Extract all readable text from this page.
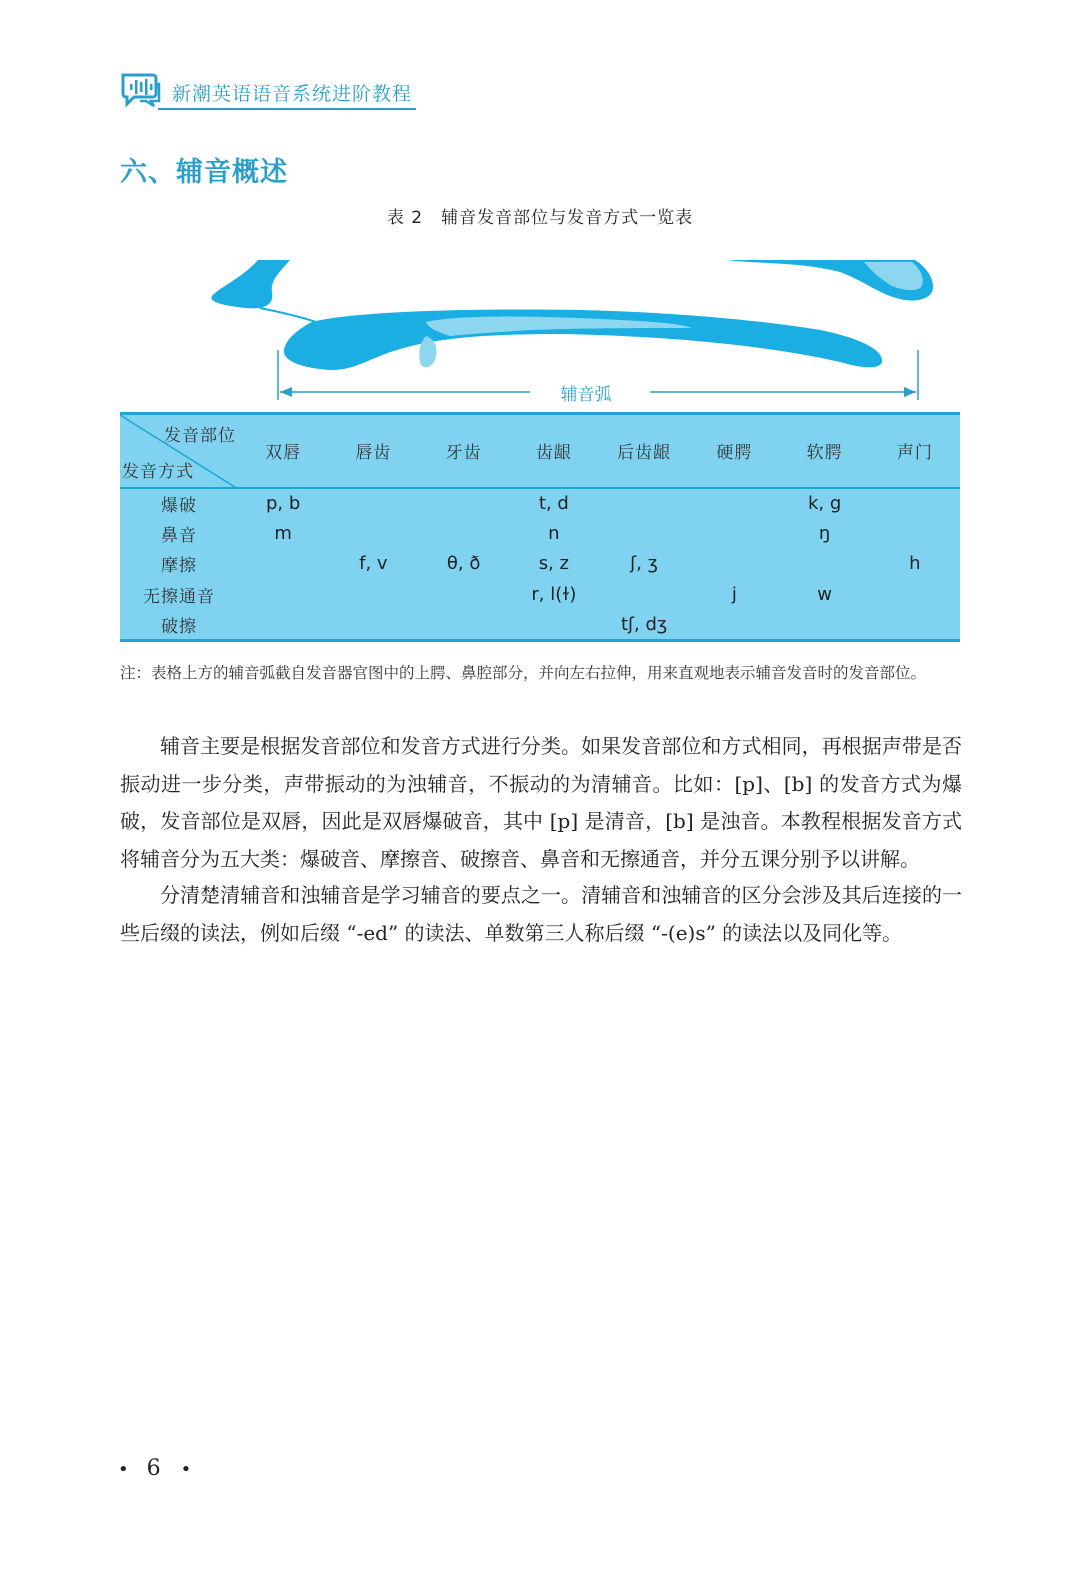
新潮英语语音系统进阶教程
六、辅音概述
表 2　辅音发音部位与发音方式一览表
辅音弧
发音部位
发音方式	双唇	唇齿	牙齿	齿龈	后齿龈	硬腭	软腭	声门
爆破	p, b			t, d			k, g	
鼻音	m			n			ŋ	
摩擦		f, v	θ, ð	s, z	ʃ, ʒ			h
无擦通音				r, l(ɫ)		j	w	
破擦					tʃ, dʒ			
注：表格上方的辅音弧截自发音器官图中的上腭、鼻腔部分，并向左右拉伸，用来直观地表示辅音发音时的发音部位。

辅音主要是根据发音部位和发音方式进行分类。如果发音部位和方式相同，再根据声带是否振动进一步分类，声带振动的为浊辅音，不振动的为清辅音。比如：[p]、[b] 的发音方式为爆破，发音部位是双唇，因此是双唇爆破音，其中 [p] 是清音，[b] 是浊音。本教程根据发音方式将辅音分为五大类：爆破音、摩擦音、破擦音、鼻音和无擦通音，并分五课分别予以讲解。

分清楚清辅音和浊辅音是学习辅音的要点之一。清辅音和浊辅音的区分会涉及其后连接的一些后缀的读法，例如后缀 “-ed” 的读法、单数第三人称后缀 “-(e)s” 的读法以及同化等。

• 6 •
